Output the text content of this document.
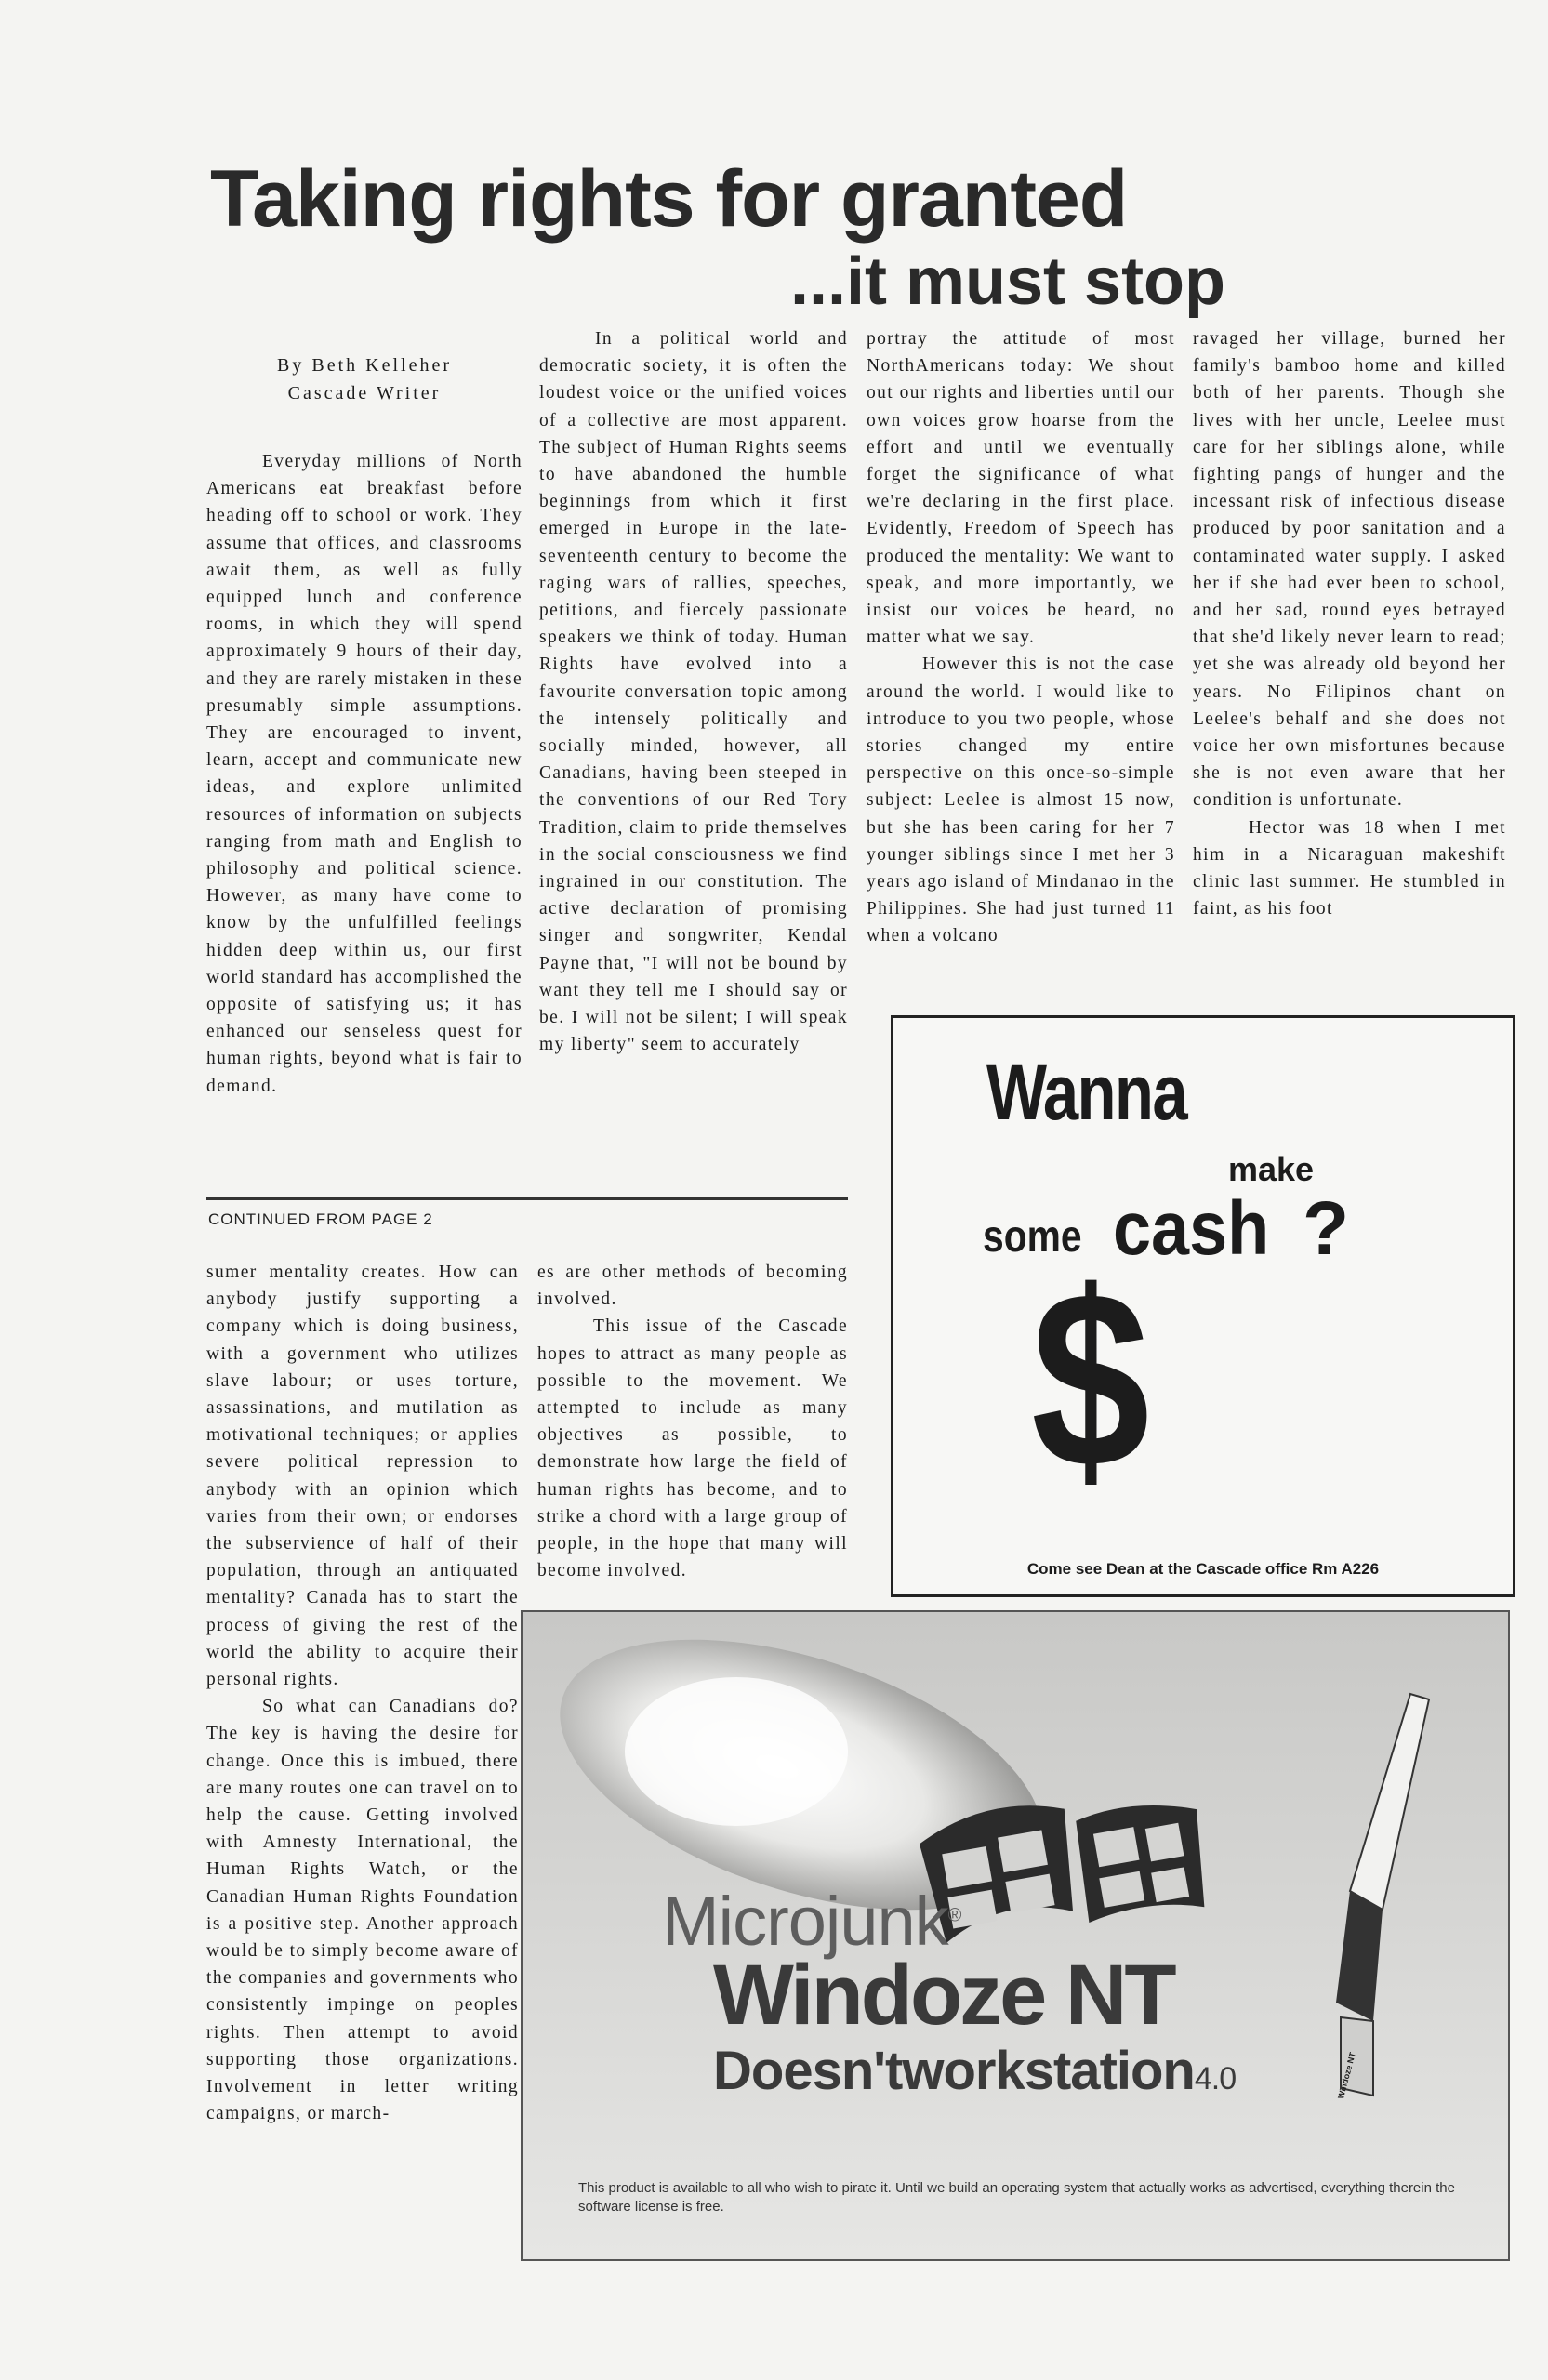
Taking rights for granted
...it must stop
By Beth Kelleher
Cascade Writer

Everyday millions of North Americans eat breakfast before heading off to school or work. They assume that offices, and classrooms await them, as well as fully equipped lunch and conference rooms, in which they will spend approximately 9 hours of their day, and they are rarely mistaken in these presumably simple assumptions. They are encouraged to invent, learn, accept and communicate new ideas, and explore unlimited resources of information on subjects ranging from math and English to philosophy and political science. However, as many have come to know by the unfulfilled feelings hidden deep within us, our first world standard has accomplished the opposite of satisfying us; it has enhanced our senseless quest for human rights, beyond what is fair to demand.

In a political world and democratic society, it is often the loudest voice or the unified voices of a collective are most apparent. The subject of Human Rights seems to have abandoned the humble beginnings from which it first emerged in Europe in the late-seventeenth century to become the raging wars of rallies, speeches, petitions, and fiercely passionate speakers we think of today. Human Rights have evolved into a favourite conversation topic among the intensely politically and socially minded, however, all Canadians, having been steeped in the conventions of our Red Tory Tradition, claim to pride themselves in the social consciousness we find ingrained in our constitution. The active declaration of promising singer and songwriter, Kendal Payne that, "I will not be bound by want they tell me I should say or be. I will not be silent; I will speak my liberty" seem to accurately

portray the attitude of most NorthAmericans today: We shout out our rights and liberties until our own voices grow hoarse from the effort and until we eventually forget the significance of what we're declaring in the first place. Evidently, Freedom of Speech has produced the mentality: We want to speak, and more importantly, we insist our voices be heard, no matter what we say.

However this is not the case around the world. I would like to introduce to you two people, whose stories changed my entire perspective on this once-so-simple subject: Leelee is almost 15 now, but she has been caring for her 7 younger siblings since I met her 3 years ago island of Mindanao in the Philippines. She had just turned 11 when a volcano

ravaged her village, burned her family's bamboo home and killed both of her parents. Though she lives with her uncle, Leelee must care for her siblings alone, while fighting pangs of hunger and the incessant risk of infectious disease produced by poor sanitation and a contaminated water supply. I asked her if she had ever been to school, and her sad, round eyes betrayed that she'd likely never learn to read; yet she was already old beyond her years. No Filipinos chant on Leelee's behalf and she does not voice her own misfortunes because she is not even aware that her condition is unfortunate.

Hector was 18 when I met him in a Nicaraguan makeshift clinic last summer. He stumbled in faint, as his foot

CONTINUED FROM PAGE 2

sumer mentality creates. How can anybody justify supporting a company which is doing business, with a government who utilizes slave labour; or uses torture, assassinations, and mutilation as motivational techniques; or applies severe political repression to anybody with an opinion which varies from their own; or endorses the subservience of half of their population, through an antiquated mentality? Canada has to start the process of giving the rest of the world the ability to acquire their personal rights.

So what can Canadians do? The key is having the desire for change. Once this is imbued, there are many routes one can travel on to help the cause. Getting involved with Amnesty International, the Human Rights Watch, or the Canadian Human Rights Foundation is a positive step. Another approach would be to simply become aware of the companies and governments who consistently impinge on peoples rights. Then attempt to avoid supporting those organizations. Involvement in letter writing campaigns, or march-

es are other methods of becoming involved.

This issue of the Cascade hopes to attract as many people as possible to the movement. We attempted to include as many objectives as possible, to demonstrate how large the field of human rights has become, and to strike a chord with a large group of people, in the hope that many will become involved.

Wanna
make
some cash ?
$
Come see Dean at the Cascade office Rm A226
Microjunk®
Windoze NT
Doesn'tworkstation4.0	Windoze NT
This product is available to all who wish to pirate it. Until we build an operating system that actually works as advertised, everything therein the software license is free.
